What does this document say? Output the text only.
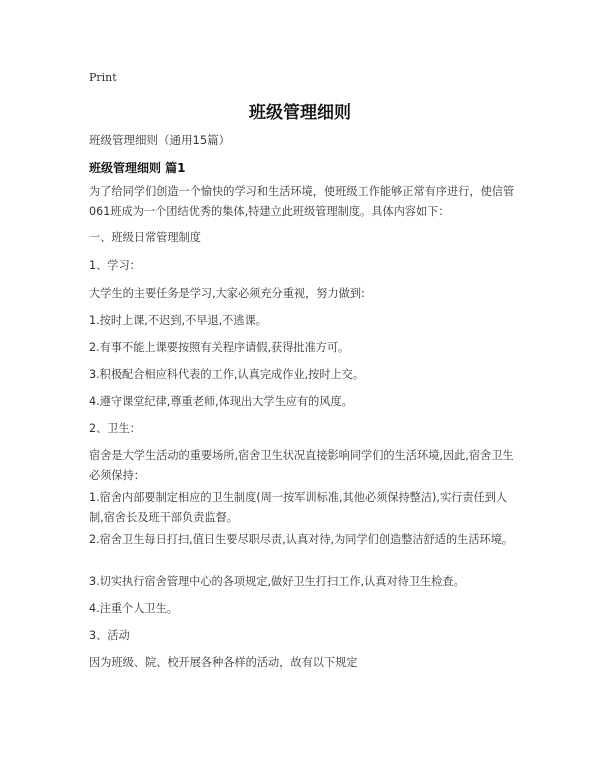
Print
班级管理细则
班级管理细则（通用15篇）
班级管理细则 篇1

为了给同学们创造一个愉快的学习和生活环境，使班级工作能够正常有序进行，使信管061班成为一个团结优秀的集体,特建立此班级管理制度。具体内容如下：

一、班级日常管理制度

1、学习：

大学生的主要任务是学习,大家必须充分重视，努力做到:

1.按时上课,不迟到,不早退,不逃课。

2.有事不能上课要按照有关程序请假,获得批准方可。

3.积极配合相应科代表的工作,认真完成作业,按时上交。

4.遵守课堂纪律,尊重老师,体现出大学生应有的风度。

2、卫生：

宿舍是大学生活动的重要场所,宿舍卫生状况直接影响同学们的生活环境,因此,宿舍卫生必须保持：

1.宿舍内部要制定相应的卫生制度(周一按军训标准,其他必须保持整洁),实行责任到人制,宿舍长及班干部负责监督。

2.宿舍卫生每日打扫,值日生要尽职尽责,认真对待,为同学们创造整洁舒适的生活环境。

3.切实执行宿舍管理中心的各项规定,做好卫生打扫工作,认真对待卫生检查。

4.注重个人卫生。

3、活动

因为班级、院、校开展各种各样的活动，故有以下规定
